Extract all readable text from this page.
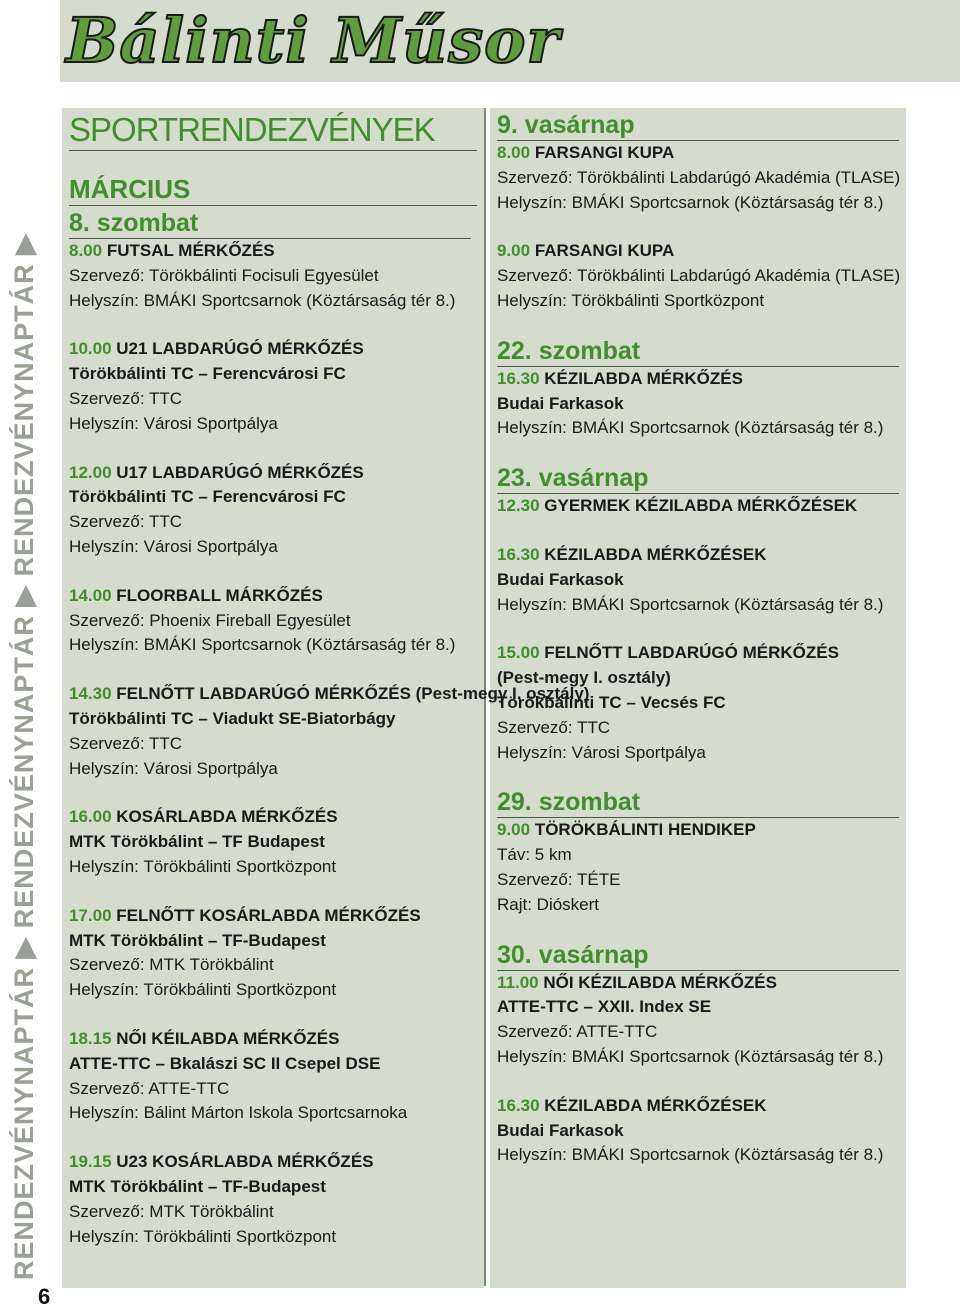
Bálinti Műsor
RENDEZVÉNYNAPTÁR ▶ RENDEZVÉNYNAPTÁR ▶ RENDEZVÉNYNAPTÁR ▶
6
SPORTRENDEZVÉNYEK
MÁRCIUS
8. szombat
8.00 FUTSAL MÉRKŐZÉS
Szervező: Törökbálinti Focisuli Egyesület
Helyszín: BMÁKI Sportcsarnok (Köztársaság tér 8.)
10.00 U21 LABDARÚGÓ MÉRKŐZÉS
Törökbálinti TC – Ferencvárosi FC
Szervező: TTC
Helyszín: Városi Sportpálya
12.00 U17 LABDARÚGÓ MÉRKŐZÉS
Törökbálinti TC – Ferencvárosi FC
Szervező: TTC
Helyszín: Városi Sportpálya
14.00 FLOORBALL MÁRKŐZÉS
Szervező: Phoenix Fireball Egyesület
Helyszín: BMÁKI Sportcsarnok (Köztársaság tér 8.)
14.30 FELNŐTT LABDARÚGÓ MÉRKŐZÉS (Pest-megy I. osztály)
Törökbálinti TC – Viadukt SE-Biatorbágy
Szervező: TTC
Helyszín: Városi Sportpálya
16.00 KOSÁRLABDA MÉRKŐZÉS
MTK Törökbálint – TF Budapest
Helyszín: Törökbálinti Sportközpont
17.00 FELNŐTT KOSÁRLABDA MÉRKŐZÉS
MTK Törökbálint – TF-Budapest
Szervező: MTK Törökbálint
Helyszín: Törökbálinti Sportközpont
18.15 NŐI KÉILABDA MÉRKŐZÉS
ATTE-TTC – Bkalászi SC II Csepel DSE
Szervező: ATTE-TTC
Helyszín: Bálint Márton Iskola Sportcsarnoka
19.15 U23 KOSÁRLABDA MÉRKŐZÉS
MTK Törökbálint – TF-Budapest
Szervező: MTK Törökbálint
Helyszín: Törökbálinti Sportközpont
9. vasárnap
8.00 FARSANGI KUPA
Szervező: Törökbálinti Labdarúgó Akadémia (TLASE)
Helyszín: BMÁKI Sportcsarnok (Köztársaság tér 8.)
9.00 FARSANGI KUPA
Szervező: Törökbálinti Labdarúgó Akadémia (TLASE)
Helyszín: Törökbálinti Sportközpont
22. szombat
16.30 KÉZILABDA MÉRKŐZÉS
Budai Farkasok
Helyszín: BMÁKI Sportcsarnok (Köztársaság tér 8.)
23. vasárnap
12.30 GYERMEK KÉZILABDA MÉRKŐZÉSEK
16.30 KÉZILABDA MÉRKŐZÉSEK
Budai Farkasok
Helyszín: BMÁKI Sportcsarnok (Köztársaság tér 8.)
15.00 FELNŐTT LABDARÚGÓ MÉRKŐZÉS
(Pest-megy I. osztály)
Törökbálinti TC – Vecsés FC
Szervező: TTC
Helyszín: Városi Sportpálya
29. szombat
9.00 TÖRÖKBÁLINTI HENDIKEP
Táv: 5 km
Szervező: TÉTE
Rajt: Dióskert
30. vasárnap
11.00 NŐI KÉZILABDA MÉRKŐZÉS
ATTE-TTC – XXII. Index SE
Szervező: ATTE-TTC
Helyszín: BMÁKI Sportcsarnok (Köztársaság tér 8.)
16.30 KÉZILABDA MÉRKŐZÉSEK
Budai Farkasok
Helyszín: BMÁKI Sportcsarnok (Köztársaság tér 8.)
